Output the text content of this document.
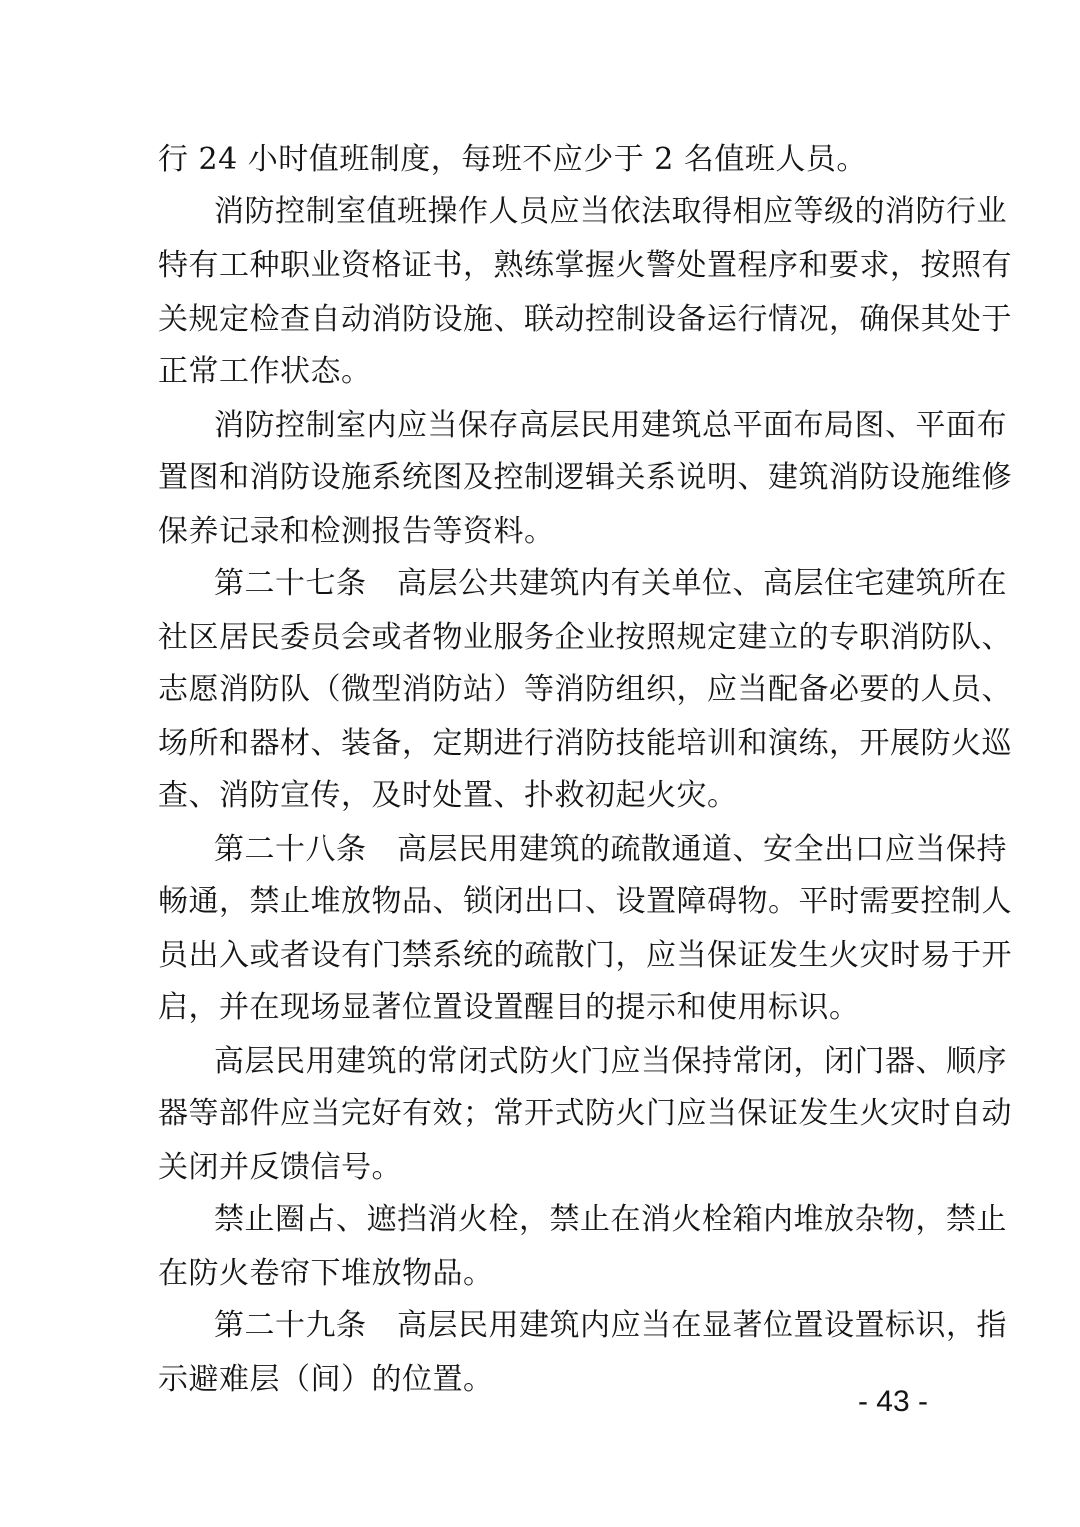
行 24 小时值班制度，每班不应少于 2 名值班人员。
消防控制室值班操作人员应当依法取得相应等级的消防行业
特有工种职业资格证书，熟练掌握火警处置程序和要求，按照有
关规定检查自动消防设施、联动控制设备运行情况，确保其处于
正常工作状态。
消防控制室内应当保存高层民用建筑总平面布局图、平面布
置图和消防设施系统图及控制逻辑关系说明、建筑消防设施维修
保养记录和检测报告等资料。
第二十七条　高层公共建筑内有关单位、高层住宅建筑所在
社区居民委员会或者物业服务企业按照规定建立的专职消防队、
志愿消防队（微型消防站）等消防组织，应当配备必要的人员、
场所和器材、装备，定期进行消防技能培训和演练，开展防火巡
查、消防宣传，及时处置、扑救初起火灾。
第二十八条　高层民用建筑的疏散通道、安全出口应当保持
畅通，禁止堆放物品、锁闭出口、设置障碍物。平时需要控制人
员出入或者设有门禁系统的疏散门，应当保证发生火灾时易于开
启，并在现场显著位置设置醒目的提示和使用标识。
高层民用建筑的常闭式防火门应当保持常闭，闭门器、顺序
器等部件应当完好有效；常开式防火门应当保证发生火灾时自动
关闭并反馈信号。
禁止圈占、遮挡消火栓，禁止在消火栓箱内堆放杂物，禁止
在防火卷帘下堆放物品。
第二十九条　高层民用建筑内应当在显著位置设置标识，指
示避难层（间）的位置。
- 43 -
